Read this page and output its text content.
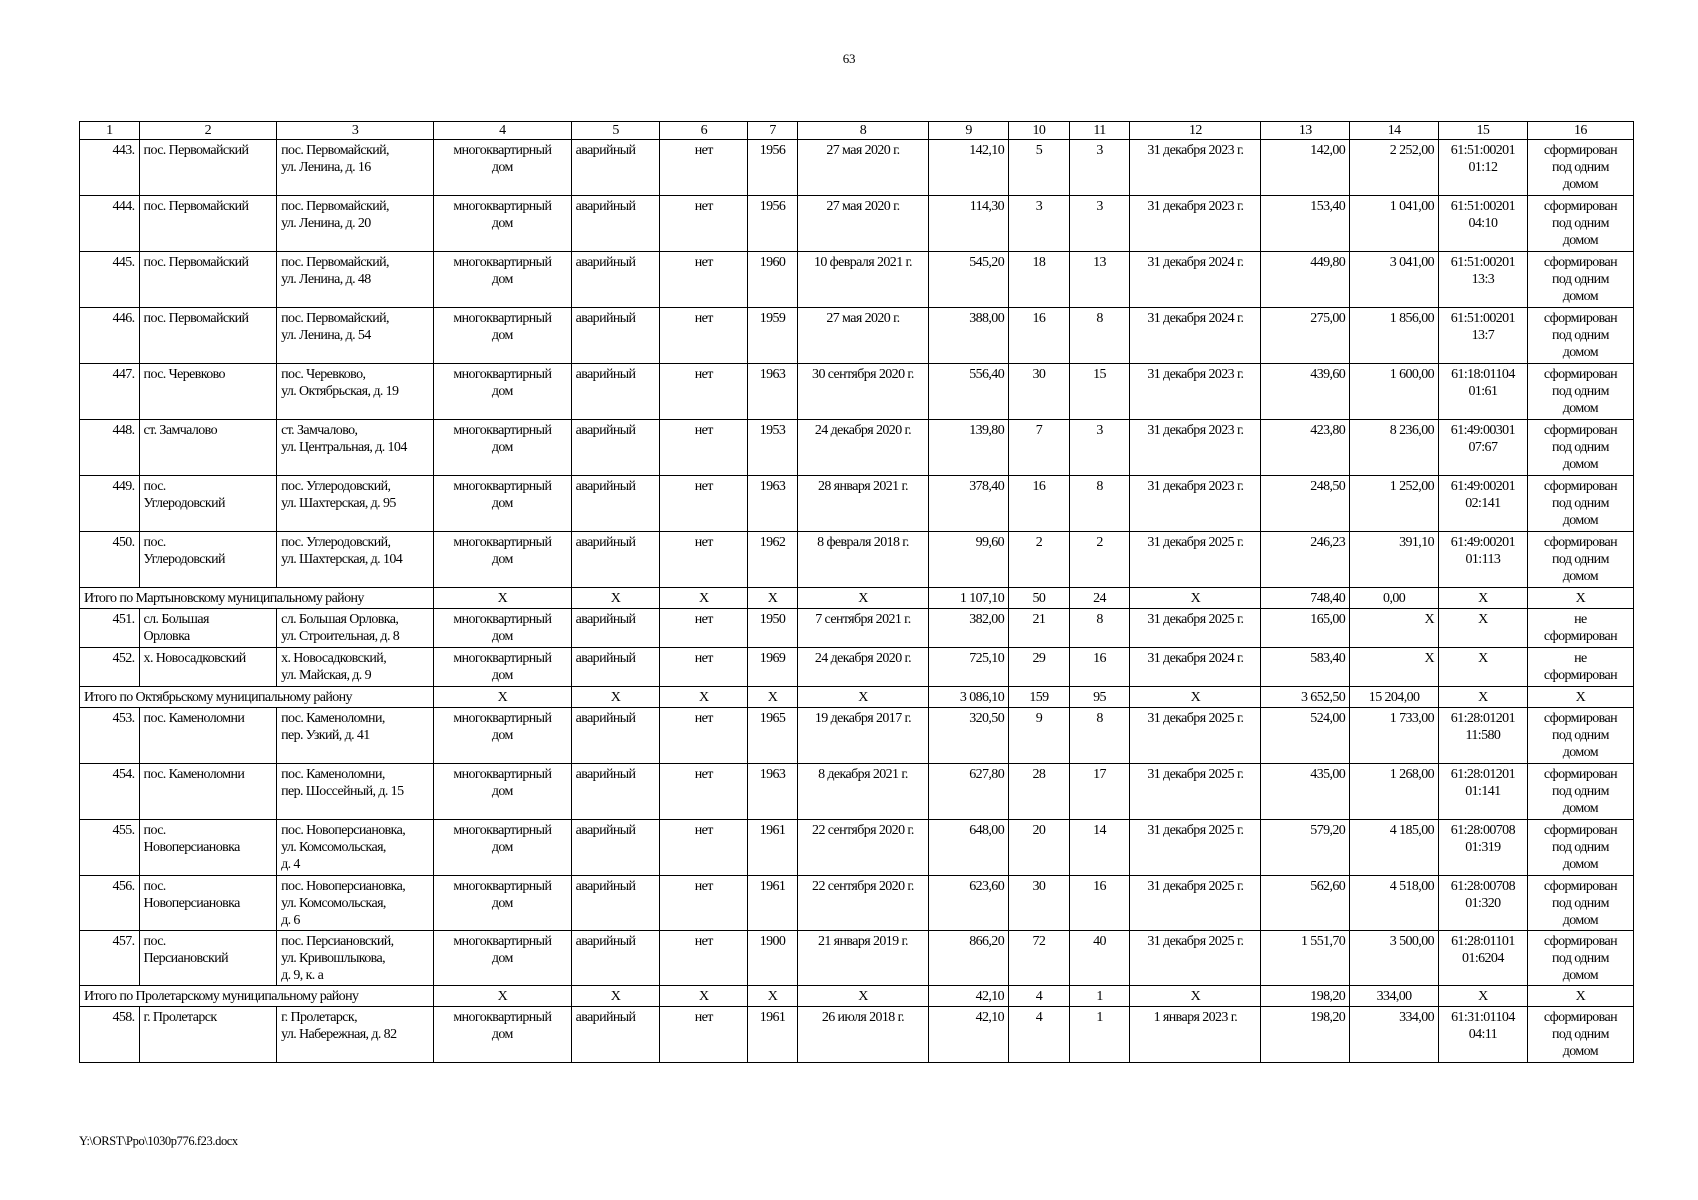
63
1	2	3	4	5	6	7	8	9	10	11	12	13	14	15	16
443.	пос. Первомайский	пос. Первомайский,
ул. Ленина, д. 16	многоквартирный
дом	аварийный	нет	1956	27 мая 2020 г.	142,10	5	3	31 декабря 2023 г.	142,00	2 252,00	61:51:00201
01:12	сформирован
под одним
домом

444.	пос. Первомайский	пос. Первомайский,
ул. Ленина, д. 20	многоквартирный
дом	аварийный	нет	1956	27 мая 2020 г.	114,30	3	3	31 декабря 2023 г.	153,40	1 041,00	61:51:00201
04:10	сформирован
под одним
домом

445.	пос. Первомайский	пос. Первомайский,
ул. Ленина, д. 48	многоквартирный
дом	аварийный	нет	1960	10 февраля 2021 г.	545,20	18	13	31 декабря 2024 г.	449,80	3 041,00	61:51:00201
13:3	сформирован
под одним
домом

446.	пос. Первомайский	пос. Первомайский,
ул. Ленина, д. 54	многоквартирный
дом	аварийный	нет	1959	27 мая 2020 г.	388,00	16	8	31 декабря 2024 г.	275,00	1 856,00	61:51:00201
13:7	сформирован
под одним
домом

447.	пос. Черевково	пос. Черевково,
ул. Октябрьская, д. 19	многоквартирный
дом	аварийный	нет	1963	30 сентября 2020 г.	556,40	30	15	31 декабря 2023 г.	439,60	1 600,00	61:18:01104
01:61	сформирован
под одним
домом

448.	ст. Замчалово	ст. Замчалово,
ул. Центральная, д. 104	многоквартирный
дом	аварийный	нет	1953	24 декабря 2020 г.	139,80	7	3	31 декабря 2023 г.	423,80	8 236,00	61:49:00301
07:67	сформирован
под одним
домом

449.	пос.
Углеродовский	пос. Углеродовский,
ул. Шахтерская, д. 95	многоквартирный
дом	аварийный	нет	1963	28 января 2021 г.	378,40	16	8	31 декабря 2023 г.	248,50	1 252,00	61:49:00201
02:141	сформирован
под одним
домом

450.	пос.
Углеродовский	пос. Углеродовский,
ул. Шахтерская, д. 104	многоквартирный
дом	аварийный	нет	1962	8 февраля 2018 г.	99,60	2	2	31 декабря 2025 г.	246,23	391,10	61:49:00201
01:113	сформирован
под одним
домом

Итого по Мартыновскому муниципальному району			X	X	X	X	X	1 107,10	50	24	X	748,40	0,00	X	X
451.	сл. Большая
Орловка	сл. Большая Орловка,
ул. Строительная, д. 8	многоквартирный
дом	аварийный	нет	1950	7 сентября 2021 г.	382,00	21	8	31 декабря 2025 г.	165,00	X	X	не
сформирован

452.	х. Новосадковский	х. Новосадковский,
ул. Майская, д. 9	многоквартирный
дом	аварийный	нет	1969	24 декабря 2020 г.	725,10	29	16	31 декабря 2024 г.	583,40	X	X	не
сформирован

Итого по Октябрьскому муниципальному району			X	X	X	X	X	3 086,10	159	95	X	3 652,50	15 204,00	X	X
453.	пос. Каменоломни	пос. Каменоломни,
пер. Узкий, д. 41	многоквартирный
дом	аварийный	нет	1965	19 декабря 2017 г.	320,50	9	8	31 декабря 2025 г.	524,00	1 733,00	61:28:01201
11:580	сформирован
под одним
домом

454.	пос. Каменоломни	пос. Каменоломни,
пер. Шоссейный, д. 15	многоквартирный
дом	аварийный	нет	1963	8 декабря 2021 г.	627,80	28	17	31 декабря 2025 г.	435,00	1 268,00	61:28:01201
01:141	сформирован
под одним
домом

455.	пос.
Новоперсиановка	пос. Новоперсиановка,
ул. Комсомольская,
д. 4	многоквартирный
дом	аварийный	нет	1961	22 сентября 2020 г.	648,00	20	14	31 декабря 2025 г.	579,20	4 185,00	61:28:00708
01:319	сформирован
под одним
домом

456.	пос.
Новоперсиановка	пос. Новоперсиановка,
ул. Комсомольская,
д. 6	многоквартирный
дом	аварийный	нет	1961	22 сентября 2020 г.	623,60	30	16	31 декабря 2025 г.	562,60	4 518,00	61:28:00708
01:320	сформирован
под одним
домом

457.	пос.
Персиановский	пос. Персиановский,
ул. Кривошлыкова,
д. 9, к. а	многоквартирный
дом	аварийный	нет	1900	21 января 2019 г.	866,20	72	40	31 декабря 2025 г.	1 551,70	3 500,00	61:28:01101
01:6204	сформирован
под одним
домом

Итого по Пролетарскому муниципальному району			X	X	X	X	X	42,10	4	1	X	198,20	334,00	X	X
458.	г. Пролетарск	г. Пролетарск,
ул. Набережная, д. 82	многоквартирный
дом	аварийный	нет	1961	26 июля 2018 г.	42,10	4	1	1 января 2023 г.	198,20	334,00	61:31:01104
04:11	сформирован
под одним
домом
Y:\ORST\Ppo\1030p776.f23.docx
